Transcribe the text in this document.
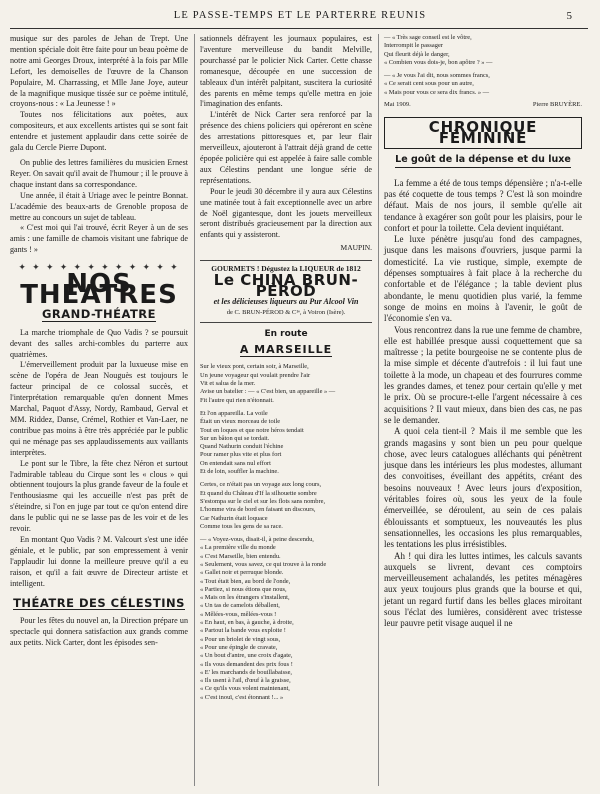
LE PASSE-TEMPS ET LE PARTERRE REUNIS	5

musique sur des paroles de Jehan de Trept. Une mention spéciale doit être faite pour un beau poème de notre ami Georges Droux, interprété à la fois par Mlle Lefort, les demoiselles de l'œuvre de la Chanson Populaire, M. Charrassing, et Mlle Jane Joye, auteur de la magnifique musique tissée sur ce poème intitulé, croyons-nous : « La Jeunesse ! »

Toutes nos félicitations aux poètes, aux compositeurs, et aux excellents artistes qui se sont fait entendre et justement applaudir dans cette soirée de gala du Cercle Pierre Dupont.

On publie des lettres familières du musicien Ernest Reyer. On savait qu'il avait de l'humour ; il le prouve à chaque instant dans sa correspondance.

Une année, il était à Uriage avec le peintre Bonnat. L'académie des beaux-arts de Grenoble proposa de mettre au concours un sujet de tableau.

« C'est moi qui l'ai trouvé, écrit Reyer à un de ses amis : une famille de chamois visitant une fabrique de gants ! »

✦ ✦ ✦ ✦ ✦ ✦ ✦ ✦ ✦ ✦ ✦ ✦
NOS THEATRES
GRAND-THÉATRE

La marche triomphale de Quo Vadis ? se poursuit devant des salles archi-combles du parterre aux quatrièmes.

L'émerveillement produit par la luxueuse mise en scène de l'opéra de Jean Nouguès est toujours le facteur principal de ce colossal succès, et l'interprétation remarquable qu'en donnent Mmes Marchal, Paquot d'Assy, Nordy, Rambaud, Gerval et MM. Riddez, Danse, Crémel, Rothier et Van-Laer, ne contribue pas moins à être très appréciée par le public qui ne ménage pas ses applaudissements aux vaillants interprètes.

Le pont sur le Tibre, la fête chez Néron et surtout l'admirable tableau du Cirque sont les « clous » qui obtiennent toujours la plus grande faveur de la foule et l'enthousiasme qui les accueille n'est pas prêt de s'éteindre, si l'on en juge par tout ce qu'on entend dire dans le public qui ne se lasse pas de les voir et de les revoir.

En montant Quo Vadis ? M. Valcourt s'est une idée géniale, et le public, par son empressement à venir l'applaudir lui donne la meilleure preuve qu'il a eu raison, et qu'il a fait œuvre de Directeur artiste et intelligent.

THÉATRE DES CÉLESTINS

Pour les fêtes du nouvel an, la Direction prépare un spectacle qui donnera satisfaction aux grands comme aux petits. Nick Carter, dont les épisodes sen-

sationnels défrayent les journaux populaires, est l'aventure merveilleuse du bandit Melville, pourchassé par le policier Nick Carter. Cette chasse romanesque, découpée en une succession de tableaux d'un intérêt palpitant, suscitera la curiosité des parents en même temps qu'elle mettra en joie l'imagination des enfants.

L'intérêt de Nick Carter sera renforcé par la présence des chiens policiers qui opéreront en scène des arrestations pittoresques et, par leur flair merveilleux, ajouteront à l'attrait déjà grand de cette épopée policière qui est appelée à faire salle comble aux Célestins pendant une longue série de représentations.

Pour le jeudi 30 décembre il y aura aux Célestins une matinée tout à fait exceptionnelle avec un arbre de Noël gigantesque, dont les jouets merveilleux seront distribués gracieusement par la direction aux enfants qui y assisteront.

MAUPIN.
GOURMETS ! Dégustez la LIQUEUR de 1812
Le CHINA BRUN-PÉROD
et les délicieuses liqueurs au Pur Alcool Vin
de C. BRUN-PÉROD & C¹ᵉ, à Voiron (Isère).
En route
A MARSEILLE
Sur le vieux pont, certain soir, à Marseille,
Un jeune voyageur qui voulait prendre l'air
Vit et salua de la mer.
Avise un batelier : — « C'est bien, un appareille » —
Fit l'autre qui rien n'étonnait.
Et l'on appareilla. La voile
Était un vieux morceau de toile
Tout en loques et que notre héros tendait
Sur un bâton qui se tordait.
Quand Nathurin conduit l'échine
Pour ramer plus vite et plus fort
On entendait sans nul effort
Et de loin, souffler la machine.
Certes, ce n'était pas un voyage aux long cours,
Et quand du Château d'If la silhouette sombre
S'estompa sur le ciel et sur les flots sans nombre,
L'homme vira de bord en faisant un discours,
Car Nathurin était loquace
Comme tous les gens de sa race.
— « Voyez-vous, disait-il, à peine descendu,
« La première ville du monde
« C'est Marseille, bien entendu.
« Seulement, vous savez, ce qui trouve à la ronde
« Gallet noir et perruque blonde.
« Tout était bien, au bord de l'onde,
« Partiez, si nous étions que nous,
« Mais on les étrangers s'installent,
« Un tas de camelots déballent,
« Mêlées-vous, mêlées-vous !
« En haut, en bas, à gauche, à droite,
« Partout la bande vous exploite !
« Pour un briolet de vingt sous,
« Pour une épingle de cravate,
« Un bout d'antre, une croix d'agate,
« Ils vous demandent des prix fous !
« E' les marchands de bouillabaisse,
« Ils usent à l'ail, d'œuf à la graisse,
« Ce qu'ils vous volent maintenant,
« C'est inouï, c'est étonnant !... »
— « Très sage conseil est le vôtre,
Interrompit le passager
Qui fleurit déjà le danger,
« Combien vous dois-je, bon apôtre ? » —
— « Je vous l'ai dit, nous sommes francs,
« Ce serait cent sous pour un autre,
« Mais pour vous ce sera dix francs. » —
Mai 1909.	Pierre BRUYÈRE.
CHRONIQUE FÉMININE
Le goût de la dépense et du luxe

La femme a été de tous temps dépensière ; n'a-t-elle pas été coquette de tous temps ? C'est là son moindre défaut. Mais de nos jours, il semble qu'elle ait tendance à exagérer son goût pour les plaisirs, pour le confort et pour la toilette. Cela devient inquiétant.

Le luxe pénètre jusqu'au fond des campagnes, jusque dans les maisons d'ouvriers, jusque parmi la domesticité. La vie rustique, simple, exempte de dépenses somptuaires à fait place à la recherche du confortable et de l'élégance ; la table devient plus abondante, le menu quotidien plus varié, la femme songe de moins en moins à l'avenir, le goût de l'économie s'en va.

Vous rencontrez dans la rue une femme de chambre, elle est habillée presque aussi coquettement que sa maîtresse ; la petite bourgeoise ne se contente plus de la mise simple et décente d'autrefois : il lui faut une toilette à la mode, un chapeau et des fourrures comme les grandes dames, et tenez pour certain qu'elle y met le prix. Où se procure-t-elle l'argent nécessaire à ces acquisitions ? Il vaut mieux, dans bien des cas, ne pas se le demander.

A quoi cela tient-il ? Mais il me semble que les grands magasins y sont bien un peu pour quelque chose, avec leurs catalogues alléchants qui pénètrent jusque dans les intérieurs les plus modestes, allumant des convoitises, éveillant des appétits, créant des besoins nouveaux ! Avec leurs jours d'exposition, véritables foires où, sous les yeux de la foule émerveillée, se déroulent, au sein de ces palais éblouissants et somptueux, les nouveautés les plus sensationnelles, les occasions les plus remarquables, les tentations les plus irrésistibles.

Ah ! qui dira les luttes intimes, les calculs savants auxquels se livrent, devant ces comptoirs merveilleusement achalandés, les petites ménagères aux yeux toujours plus grands que la bourse et qui, jetant un regard furtif dans les belles glaces miroitant sous l'éclat des lumières, considèrent avec tristesse leur pauvre petit visage auquel il ne
